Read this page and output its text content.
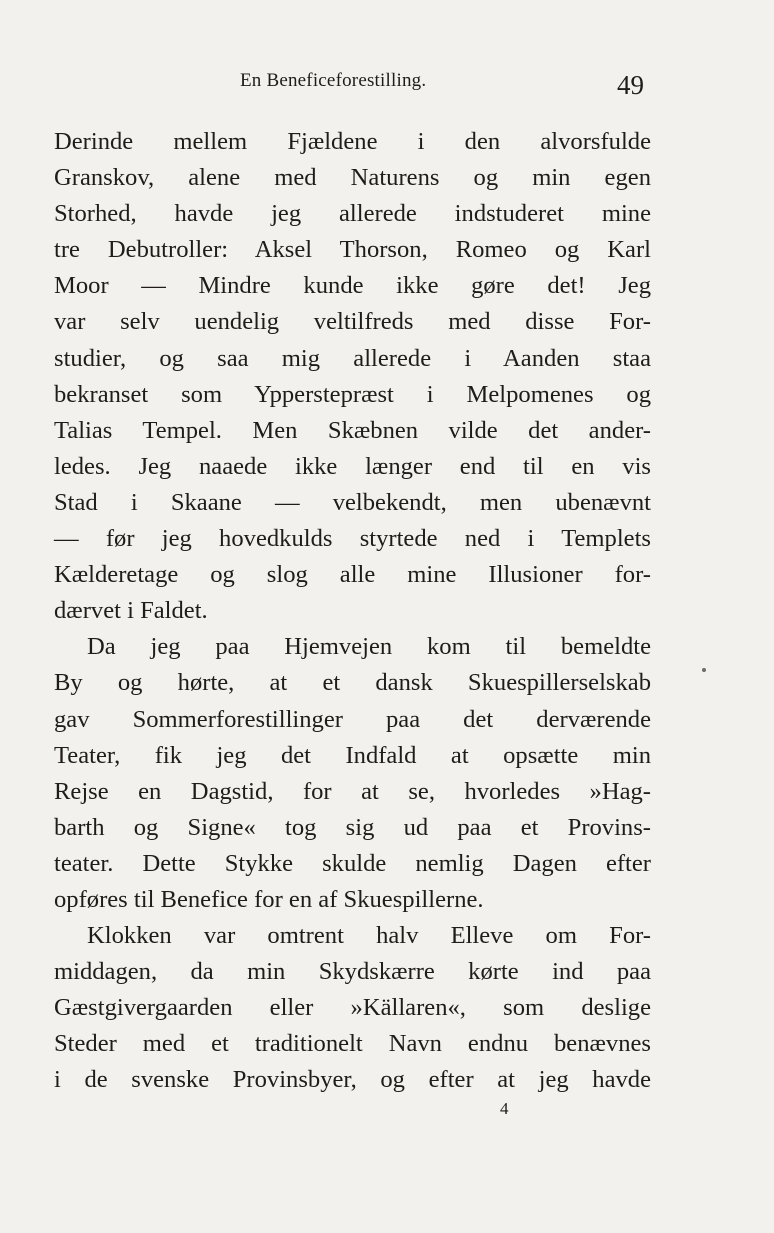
En Beneficeforestilling.	49
Derinde mellem Fjældene i den alvorsfulde
Granskov, alene med Naturens og min egen
Storhed, havde jeg allerede indstuderet mine
tre Debutroller: Aksel Thorson, Romeo og Karl
Moor — Mindre kunde ikke gøre det! Jeg
var selv uendelig veltilfreds med disse For-
studier, og saa mig allerede i Aanden staa
bekranset som Ypperstepræst i Melpomenes og
Talias Tempel. Men Skæbnen vilde det ander-
ledes. Jeg naaede ikke længer end til en vis
Stad i Skaane — velbekendt, men ubenævnt
— før jeg hovedkulds styrtede ned i Templets
Kælderetage og slog alle mine Illusioner for-
dærvet i Faldet.
Da jeg paa Hjemvejen kom til bemeldte
By og hørte, at et dansk Skuespillerselskab
gav Sommerforestillinger paa det derværende
Teater, fik jeg det Indfald at opsætte min
Rejse en Dagstid, for at se, hvorledes »Hag-
barth og Signe« tog sig ud paa et Provins-
teater. Dette Stykke skulde nemlig Dagen efter
opføres til Benefice for en af Skuespillerne.
Klokken var omtrent halv Elleve om For-
middagen, da min Skydskærre kørte ind paa
Gæstgivergaarden eller »Källaren«, som deslige
Steder med et traditionelt Navn endnu benævnes
i de svenske Provinsbyer, og efter at jeg havde
4
